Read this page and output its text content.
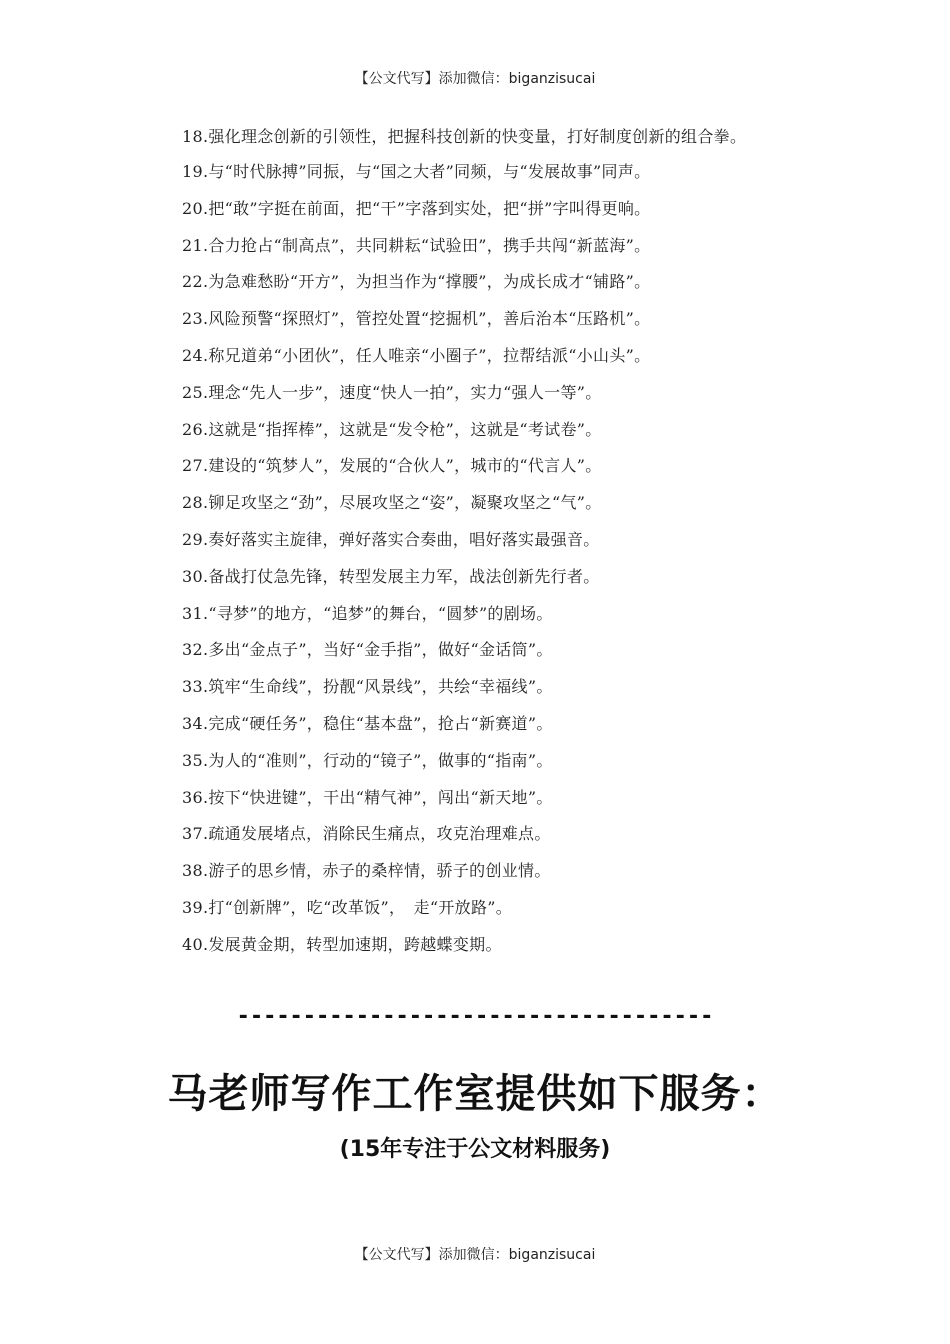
【公文代写】添加微信：biganzisucai

18.强化理念创新的引领性，把握科技创新的快变量，打好制度创新的组合拳。

19.与“时代脉搏”同振，与“国之大者”同频，与“发展故事”同声。

20.把“敢”字挺在前面，把“干”字落到实处，把“拼”字叫得更响。

21.合力抢占“制高点”，共同耕耘“试验田”，携手共闯“新蓝海”。

22.为急难愁盼“开方”，为担当作为“撑腰”，为成长成才“铺路”。

23.风险预警“探照灯”，管控处置“挖掘机”，善后治本“压路机”。

24.称兄道弟“小团伙”，任人唯亲“小圈子”，拉帮结派“小山头”。

25.理念“先人一步”，速度“快人一拍”，实力“强人一等”。

26.这就是“指挥棒”，这就是“发令枪”，这就是“考试卷”。

27.建设的“筑梦人”，发展的“合伙人”，城市的“代言人”。

28.铆足攻坚之“劲”，尽展攻坚之“姿”，凝聚攻坚之“气”。

29.奏好落实主旋律，弹好落实合奏曲，唱好落实最强音。

30.备战打仗急先锋，转型发展主力军，战法创新先行者。

31.“寻梦”的地方，“追梦”的舞台，“圆梦”的剧场。

32.多出“金点子”，当好“金手指”，做好“金话筒”。

33.筑牢“生命线”，扮靓“风景线”，共绘“幸福线”。

34.完成“硬任务”，稳住“基本盘”，抢占“新赛道”。

35.为人的“准则”，行动的“镜子”，做事的“指南”。

36.按下“快进键”，干出“精气神”，闯出“新天地”。

37.疏通发展堵点，消除民生痛点，攻克治理难点。

38.游子的思乡情，赤子的桑梓情，骄子的创业情。

39.打“创新牌”，吃“改革饭”，　走“开放路”。

40.发展黄金期，转型加速期，跨越蝶变期。

------------------------------------
马老师写作工作室提供如下服务：
(15年专注于公文材料服务)
【公文代写】添加微信：biganzisucai
